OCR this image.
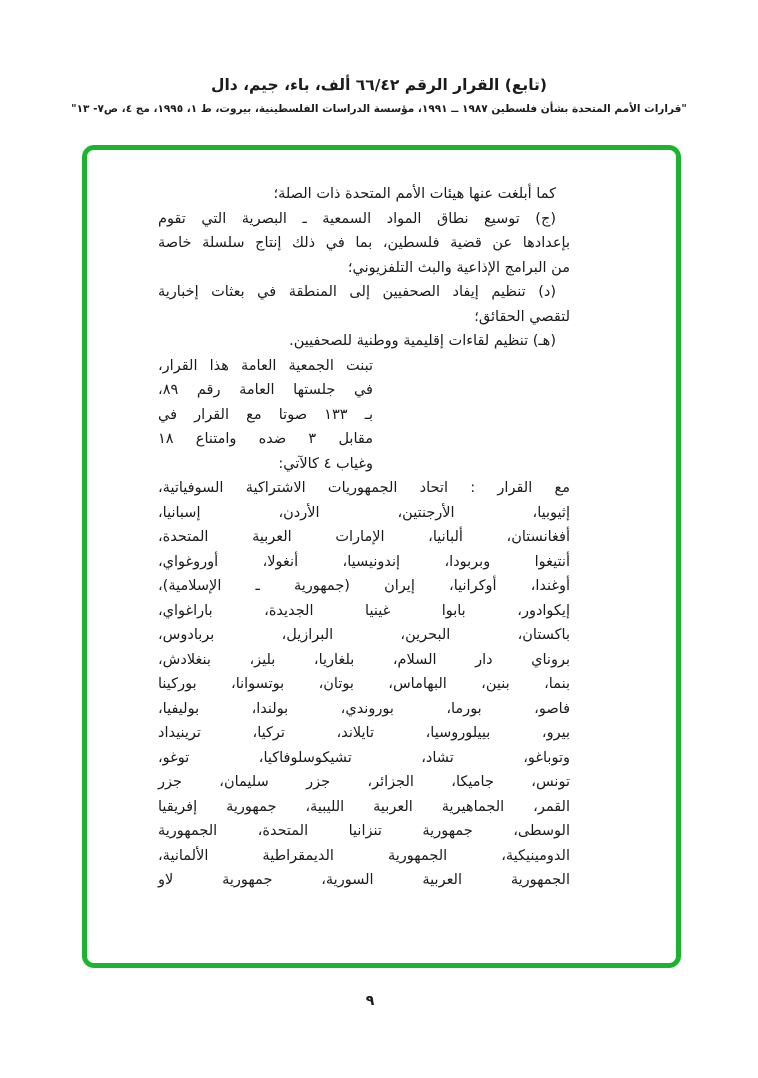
(تابع) القرار الرقم ٦٦/٤٢ ألف، باء، جيم، دال
"قرارات الأمم المتحدة بشأن فلسطين ١٩٨٧ ــ ١٩٩١، مؤسسة الدراسات الفلسطينية، بيروت، ط ١، ١٩٩٥، مج ٤، ص٧- ١٣"
كما أبلغت عنها هيئات الأمم المتحدة ذات الصلة؛
(ج) توسيع نطاق المواد السمعية ـ البصرية التي تقوم
بإعدادها عن قضية فلسطين، بما في ذلك إنتاج سلسلة خاصة
من البرامج الإذاعية والبث التلفزيوني؛
(د) تنظيم إيفاد الصحفيين إلى المنطقة في بعثات إخبارية
لتقصي الحقائق؛
(هـ) تنظيم لقاءات إقليمية ووطنية للصحفيين.
تبنت الجمعية العامة هذا القرار،
في جلستها العامة رقم ٨٩،
بـ ١٣٣ صوتا مع القرار في
مقابل ٣ ضده وامتناع ١٨
وغياب ٤ كالآتي:
مع القرار : اتحاد الجمهوريات الاشتراكية السوفياتية،
إثيوبيا، الأرجنتين، الأردن، إسبانيا،
أفغانستان، ألبانيا، الإمارات العربية المتحدة،
أنتيغوا وبربودا، إندونيسيا، أنغولا، أوروغواي،
أوغندا، أوكرانيا، إيران (جمهورية ـ الإسلامية)،
إيكوادور، بابوا غينيا الجديدة، باراغواي،
باكستان، البحرين، البرازيل، بربادوس،
بروناي دار السلام، بلغاريا، بليز، بنغلادش،
بنما، بنين، البهاماس، بوتان، بوتسوانا، بوركينا
فاصو، بورما، بوروندي، بولندا، بوليفيا،
بيرو، بييلوروسيا، تايلاند، تركيا، ترينيداد
وتوباغو، تشاد، تشيكوسلوفاكيا، توغو،
تونس، جاميكا، الجزائر، جزر سليمان، جزر
القمر، الجماهيرية العربية الليبية، جمهورية إفريقيا
الوسطى، جمهورية تنزانيا المتحدة، الجمهورية
الدومينيكية، الجمهورية الديمقراطية الألمانية،
الجمهورية العربية السورية، جمهورية لاو
٩
